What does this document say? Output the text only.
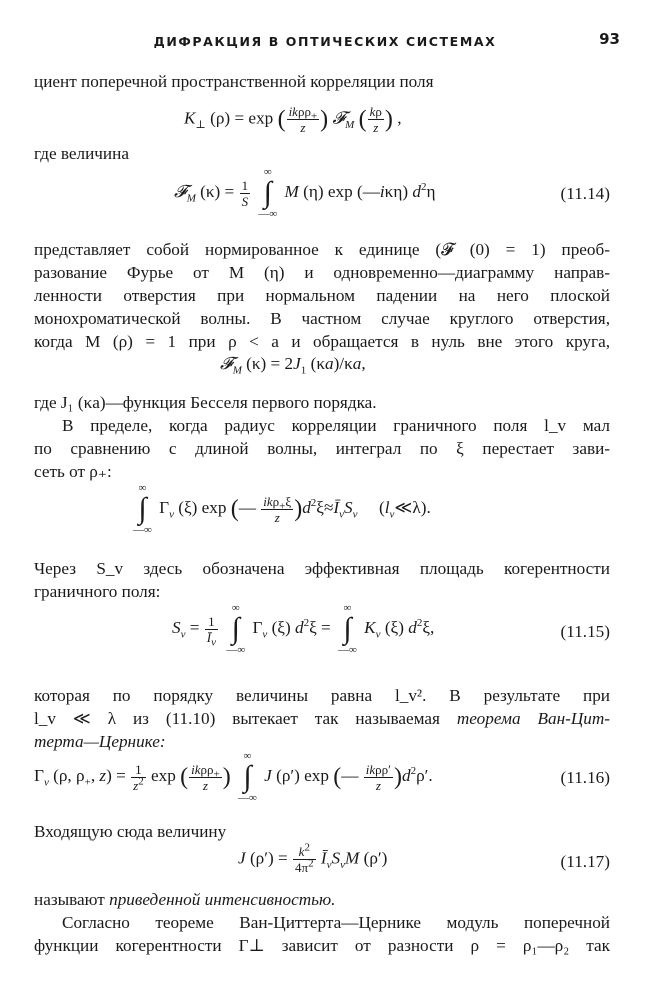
ДИФРАКЦИЯ В ОПТИЧЕСКИХ СИСТЕМАХ	93
циент поперечной пространственной корреляции поля
$K_\perp$ (ρ) = exp ( $\frac{ik\rho\rho_+}{z}$ ) 𝓕$_M$ ( $\frac{k\rho}{z}$ ) ,
где величина
𝓕$_M$ $(\kappa) = \frac{1}{S}$

∞
∫
—∞
M (η) exp (—iκη) $d^2\eta$	(11.14)
представляет собой нормированное к единице (𝓕 (0) = 1) преоб-
разование Фурье от M (η) и одновременно—диаграмму направ-
ленности отверстия при нормальном падении на него плоской
монохроматической волны. В частном случае круглого отверстия,
когда M (ρ) = 1 при ρ < a и обращается в нуль вне этого круга,
𝓕$_M$ $(\kappa) = 2J_1$ (κa)/κa,
где J₁ (κa)—функция Бесселя первого порядка.
В пределе, когда радиус корреляции граничного поля l_v мал
по сравнению с длиной волны, интеграл по ξ перестает зави-
сеть от ρ₊:
∞
∫
—∞
$\Gamma_v$ (ξ) exp (— $\frac{ik\rho_+\xi}{z}$ )$d^2\xi\approx Ī_vS_v$     $(l_v≪\lambda)$.
Через S_v здесь обозначена эффективная площадь когерентности
граничного поля:
$S_v = \frac{1}{Ī_v}$

∞
∫
—∞
$\Gamma_v$ (ξ) $d^2\xi$ =
∞
∫
—∞
$K_v$ (ξ) $d^2\xi$,	(11.15)
которая по порядку величины равна l_v². В результате при
l_v ≪ λ из (11.10) вытекает так называемая теорема Ван-Цит-
терта—Цернике:
$\Gamma_v$ (ρ, $\rho_+$, $z) = \frac{1}{z^2}$ exp ( $\frac{ik\rho\rho_+}{z}$ )
∞
∫
—∞
J (ρ′) exp (— $\frac{\text{ikρρ′}}{z} )d^2\rho'$.	(11.16)
Входящую сюда величину
J $(\rho') = \frac{k^2}{4\pi^2}$ $Ī_vS_vM$ (ρ′)	(11.17)
называют приведенной интенсивностью.
Согласно теореме Ван-Циттерта—Цернике модуль поперечной
функции когерентности Γ⊥ зависит от разности ρ = ρ₁—ρ₂ так
